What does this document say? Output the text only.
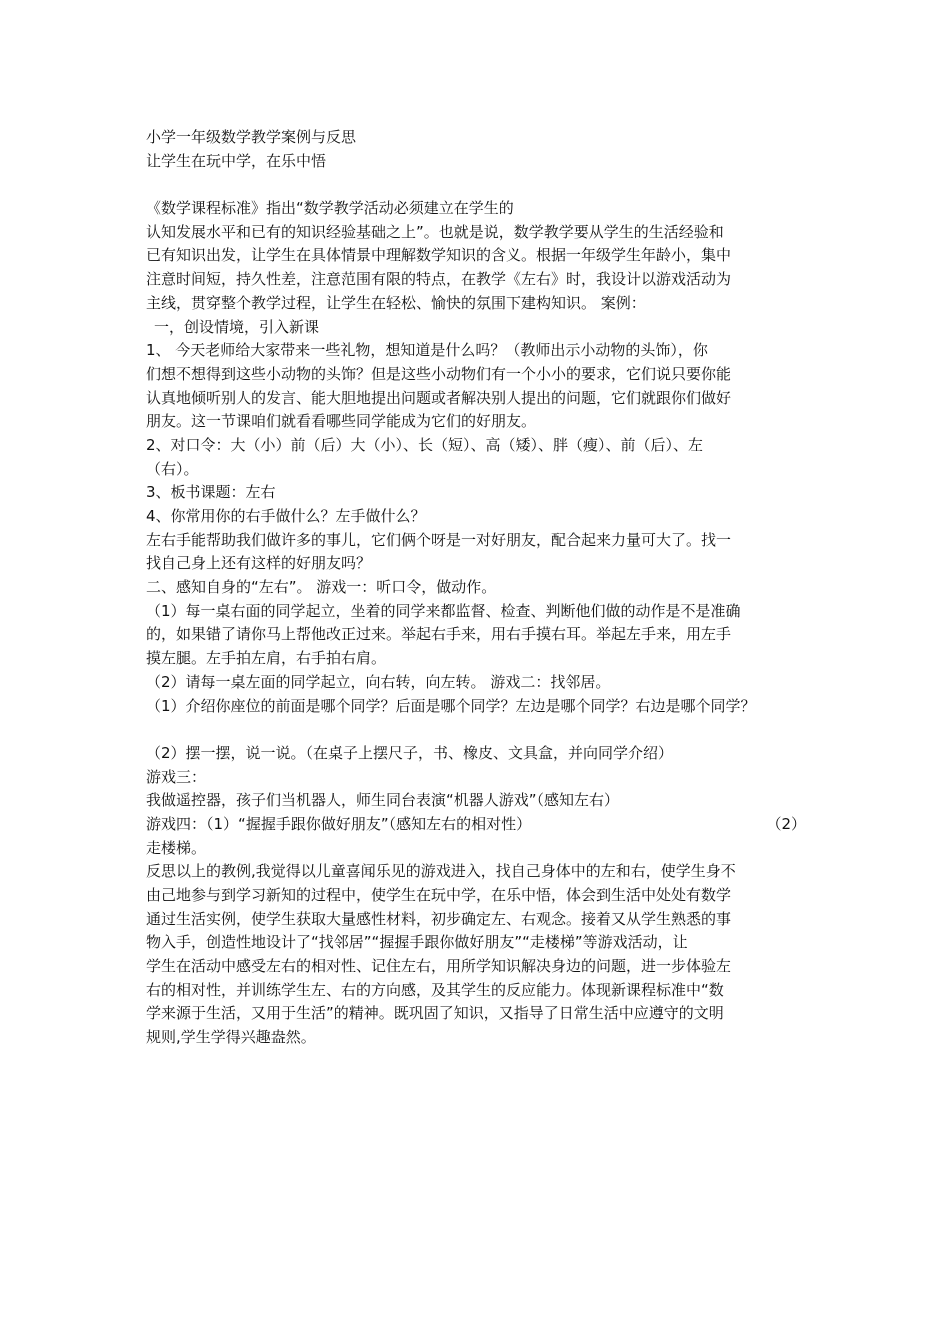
小学一年级数学教学案例与反思
让学生在玩中学，在乐中悟
《数学课程标准》指出“数学教学活动必须建立在学生的
认知发展水平和已有的知识经验基础之上”。也就是说，数学教学要从学生的生活经验和
已有知识出发，让学生在具体情景中理解数学知识的含义。根据一年级学生年龄小，集中
注意时间短，持久性差，注意范围有限的特点，在教学《左右》时，我设计以游戏活动为
主线，贯穿整个教学过程，让学生在轻松、愉快的氛围下建构知识。 案例：
一，创设情境，引入新课
1、 今天老师给大家带来一些礼物，想知道是什么吗？（教师出示小动物的头饰），你
们想不想得到这些小动物的头饰？但是这些小动物们有一个小小的要求，它们说只要你能
认真地倾听别人的发言、能大胆地提出问题或者解决别人提出的问题，它们就跟你们做好
朋友。这一节课咱们就看看哪些同学能成为它们的好朋友。
2、对口令：大（小）前（后）大（小）、长（短）、高（矮）、胖（瘦）、前（后）、左
（右）。
3、板书课题：左右
4、你常用你的右手做什么？左手做什么？
左右手能帮助我们做许多的事儿，它们俩个呀是一对好朋友，配合起来力量可大了。找一
找自己身上还有这样的好朋友吗？
二、感知自身的“左右”。 游戏一：听口令，做动作。
（1）每一桌右面的同学起立，坐着的同学来都监督、检查、判断他们做的动作是不是准确
的，如果错了请你马上帮他改正过来。举起右手来，用右手摸右耳。举起左手来，用左手
摸左腿。左手拍左肩，右手拍右肩。
（2）请每一桌左面的同学起立，向右转，向左转。 游戏二：找邻居。
（1）介绍你座位的前面是哪个同学？后面是哪个同学？左边是哪个同学？右边是哪个同学？
（2）摆一摆，说一说。（在桌子上摆尺子，书、橡皮、文具盒，并向同学介绍）
游戏三：
我做遥控器，孩子们当机器人，师生同台表演“机器人游戏”（感知左右）
游戏四：（1）“握握手跟你做好朋友”（感知左右的相对性）	（2）
走楼梯。
反思以上的教例,我觉得以儿童喜闻乐见的游戏进入，找自己身体中的左和右，使学生身不
由己地参与到学习新知的过程中，使学生在玩中学，在乐中悟，体会到生活中处处有数学
通过生活实例，使学生获取大量感性材料，初步确定左、右观念。接着又从学生熟悉的事
物入手，创造性地设计了“找邻居”“握握手跟你做好朋友”“走楼梯”等游戏活动，让
学生在活动中感受左右的相对性、记住左右，用所学知识解决身边的问题，进一步体验左
右的相对性，并训练学生左、右的方向感，及其学生的反应能力。体现新课程标准中“数
学来源于生活，又用于生活”的精神。既巩固了知识，又指导了日常生活中应遵守的文明
规则,学生学得兴趣盎然。
